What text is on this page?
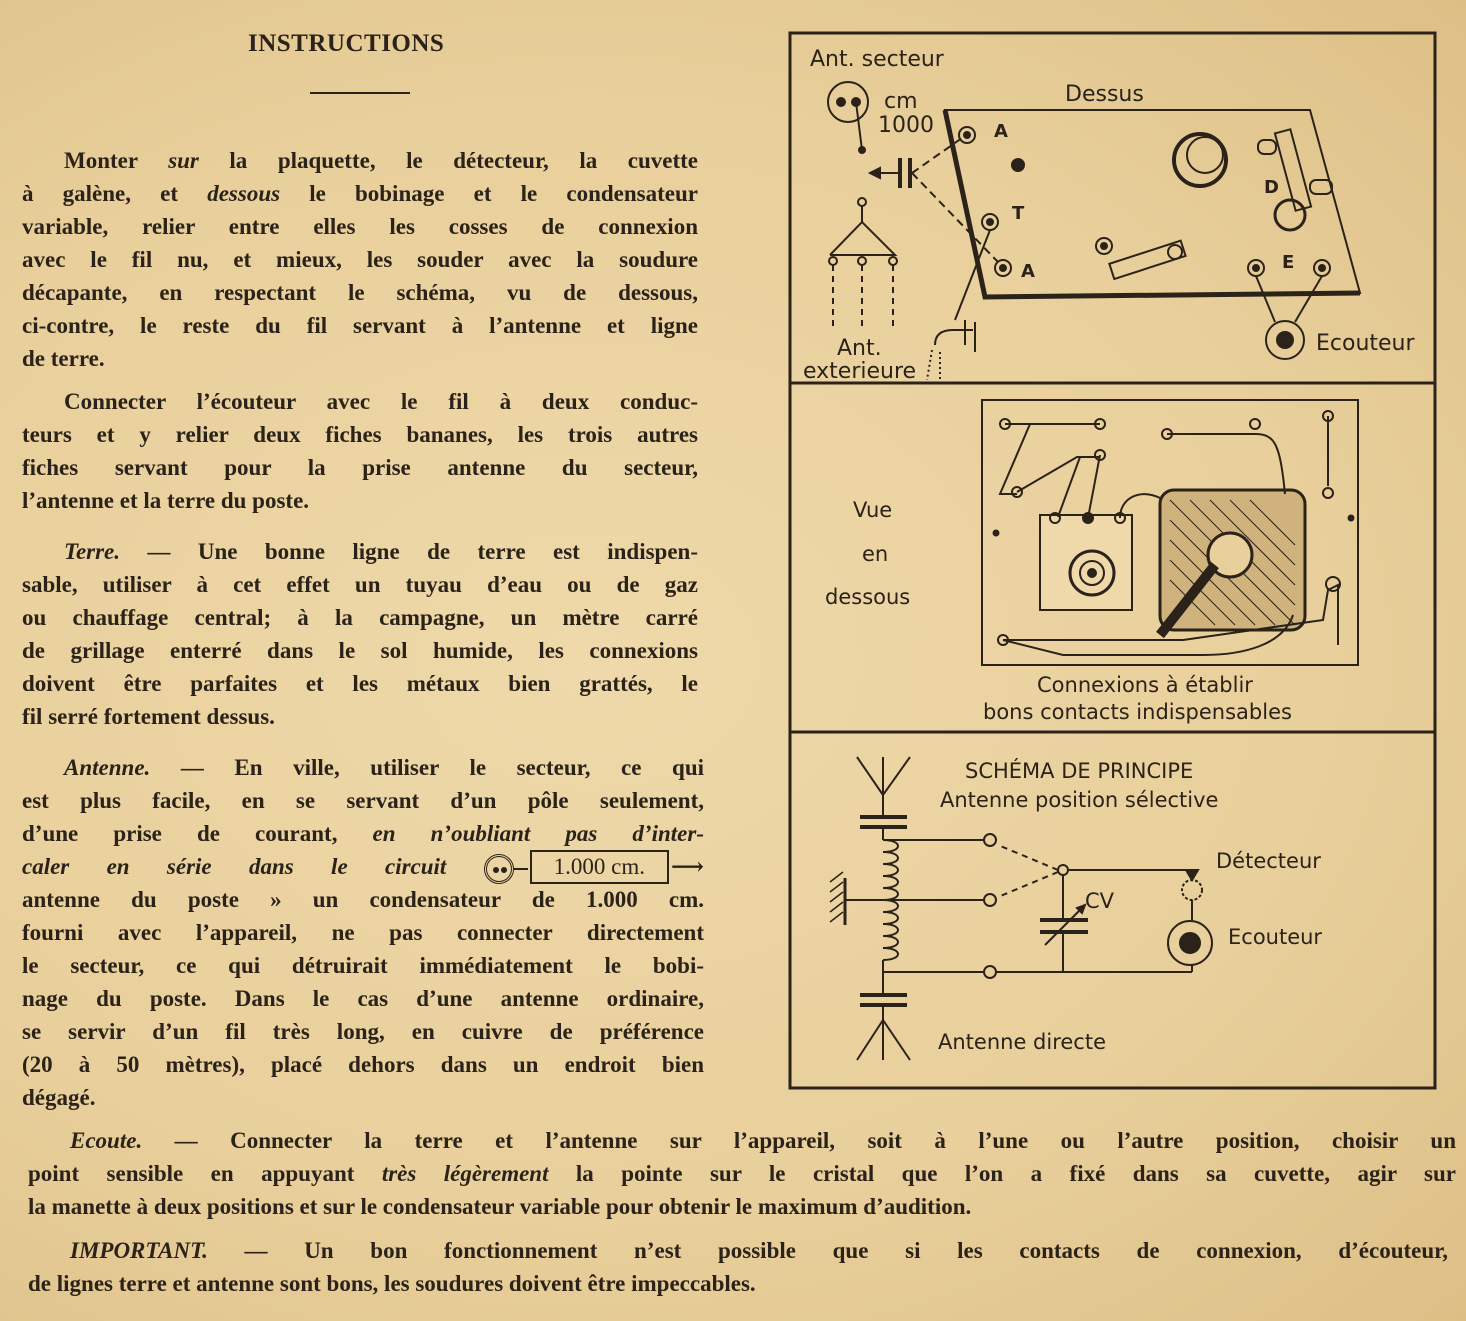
INSTRUCTIONS
Monter sur la plaquette, le détecteur, la cuvette
à galène, et dessous le bobinage et le condensateur
variable, relier entre elles les cosses de connexion
avec le fil nu, et mieux, les souder avec la soudure
décapante, en respectant le schéma, vu de dessous,
ci-contre, le reste du fil servant à l’antenne et ligne
de terre.
Connecter l’écouteur avec le fil à deux conduc-
teurs et y relier deux fiches bananes, les trois autres
fiches servant pour la prise antenne du secteur,
l’antenne et la terre du poste.
Terre. — Une bonne ligne de terre est indispen-
sable, utiliser à cet effet un tuyau d’eau ou de gaz
ou chauffage central; à la campagne, un mètre carré
de grillage enterré dans le sol humide, les connexions
doivent être parfaites et les métaux bien grattés, le
fil serré fortement dessus.
Antenne. — En ville, utiliser le secteur, ce qui
est plus facile, en se servant d’un pôle seulement,
d’une prise de courant, en n’oubliant pas d’inter-
caler en série dans le circuit	1.000 cm. ⟶
antenne du poste » un condensateur de 1.000 cm.
fourni avec l’appareil, ne pas connecter directement
le secteur, ce qui détruirait immédiatement le bobi-
nage du poste. Dans le cas d’une antenne ordinaire,
se servir d’un fil très long, en cuivre de préférence
(20 à 50 mètres), placé dehors dans un endroit bien
dégagé.
Ecoute. — Connecter la terre et l’antenne sur l’appareil, soit à l’une ou l’autre position, choisir un
point sensible en appuyant très légèrement la pointe sur le cristal que l’on a fixé dans sa cuvette, agir sur
la manette à deux positions et sur le condensateur variable pour obtenir le maximum d’audition.
IMPORTANT. — Un bon fonctionnement n’est possible que si les contacts de connexion, d’écouteur,
de lignes terre et antenne sont bons, les soudures doivent être impeccables.
Ant. secteur
cm
1000
Dessus
A
T
A
D
E
Ecouteur
Ant.
exterieure
Vue
en
dessous
Connexions à établir
bons contacts indispensables
SCHÉMA DE PRINCIPE
Antenne position sélective
Détecteur
CV
Ecouteur
Antenne directe
